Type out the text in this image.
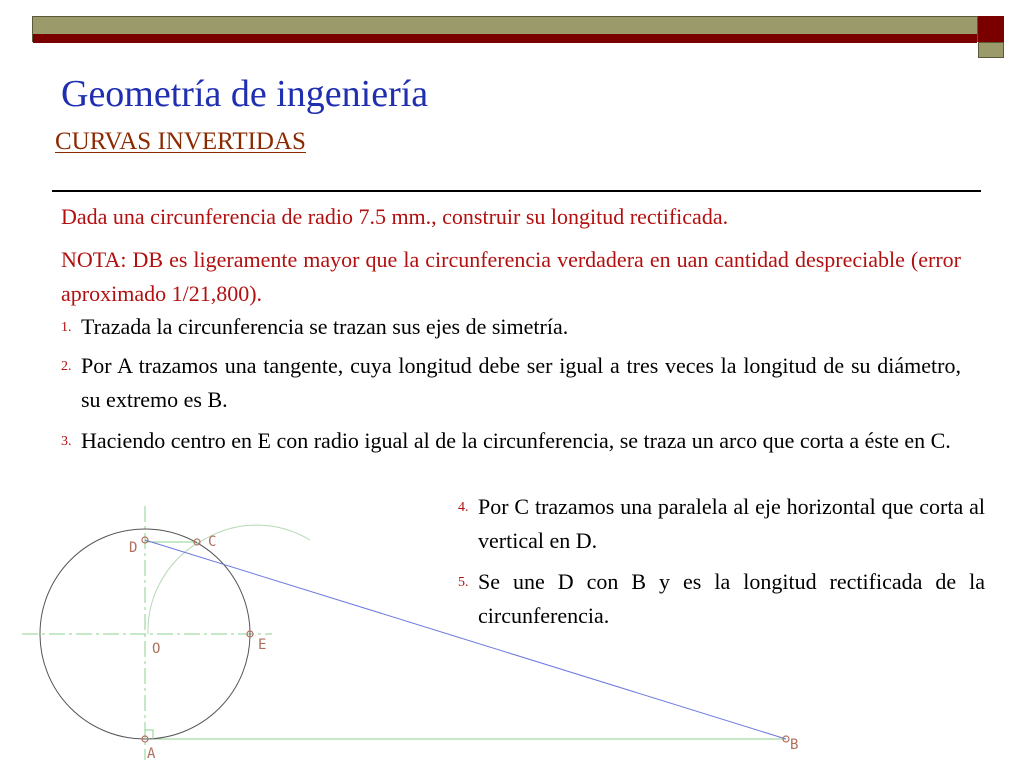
Geometría de ingeniería
CURVAS INVERTIDAS
Dada una circunferencia de radio 7.5 mm., construir su longitud rectificada.
NOTA: DB es ligeramente mayor que la circunferencia verdadera en uan cantidad despreciable (error aproximado 1/21,800).
1. Trazada la circunferencia se trazan sus ejes de simetría.
2. Por A trazamos una tangente, cuya longitud debe ser igual a tres veces la longitud de su diámetro, su extremo es B.
3. Haciendo centro en E con radio igual al de la circunferencia, se traza un arco que corta a éste en C.
4. Por C trazamos una paralela al eje horizontal que corta al vertical en D.
5. Se une D con B y es la longitud rectificada de la circunferencia.
D	C
O	E
A
B
